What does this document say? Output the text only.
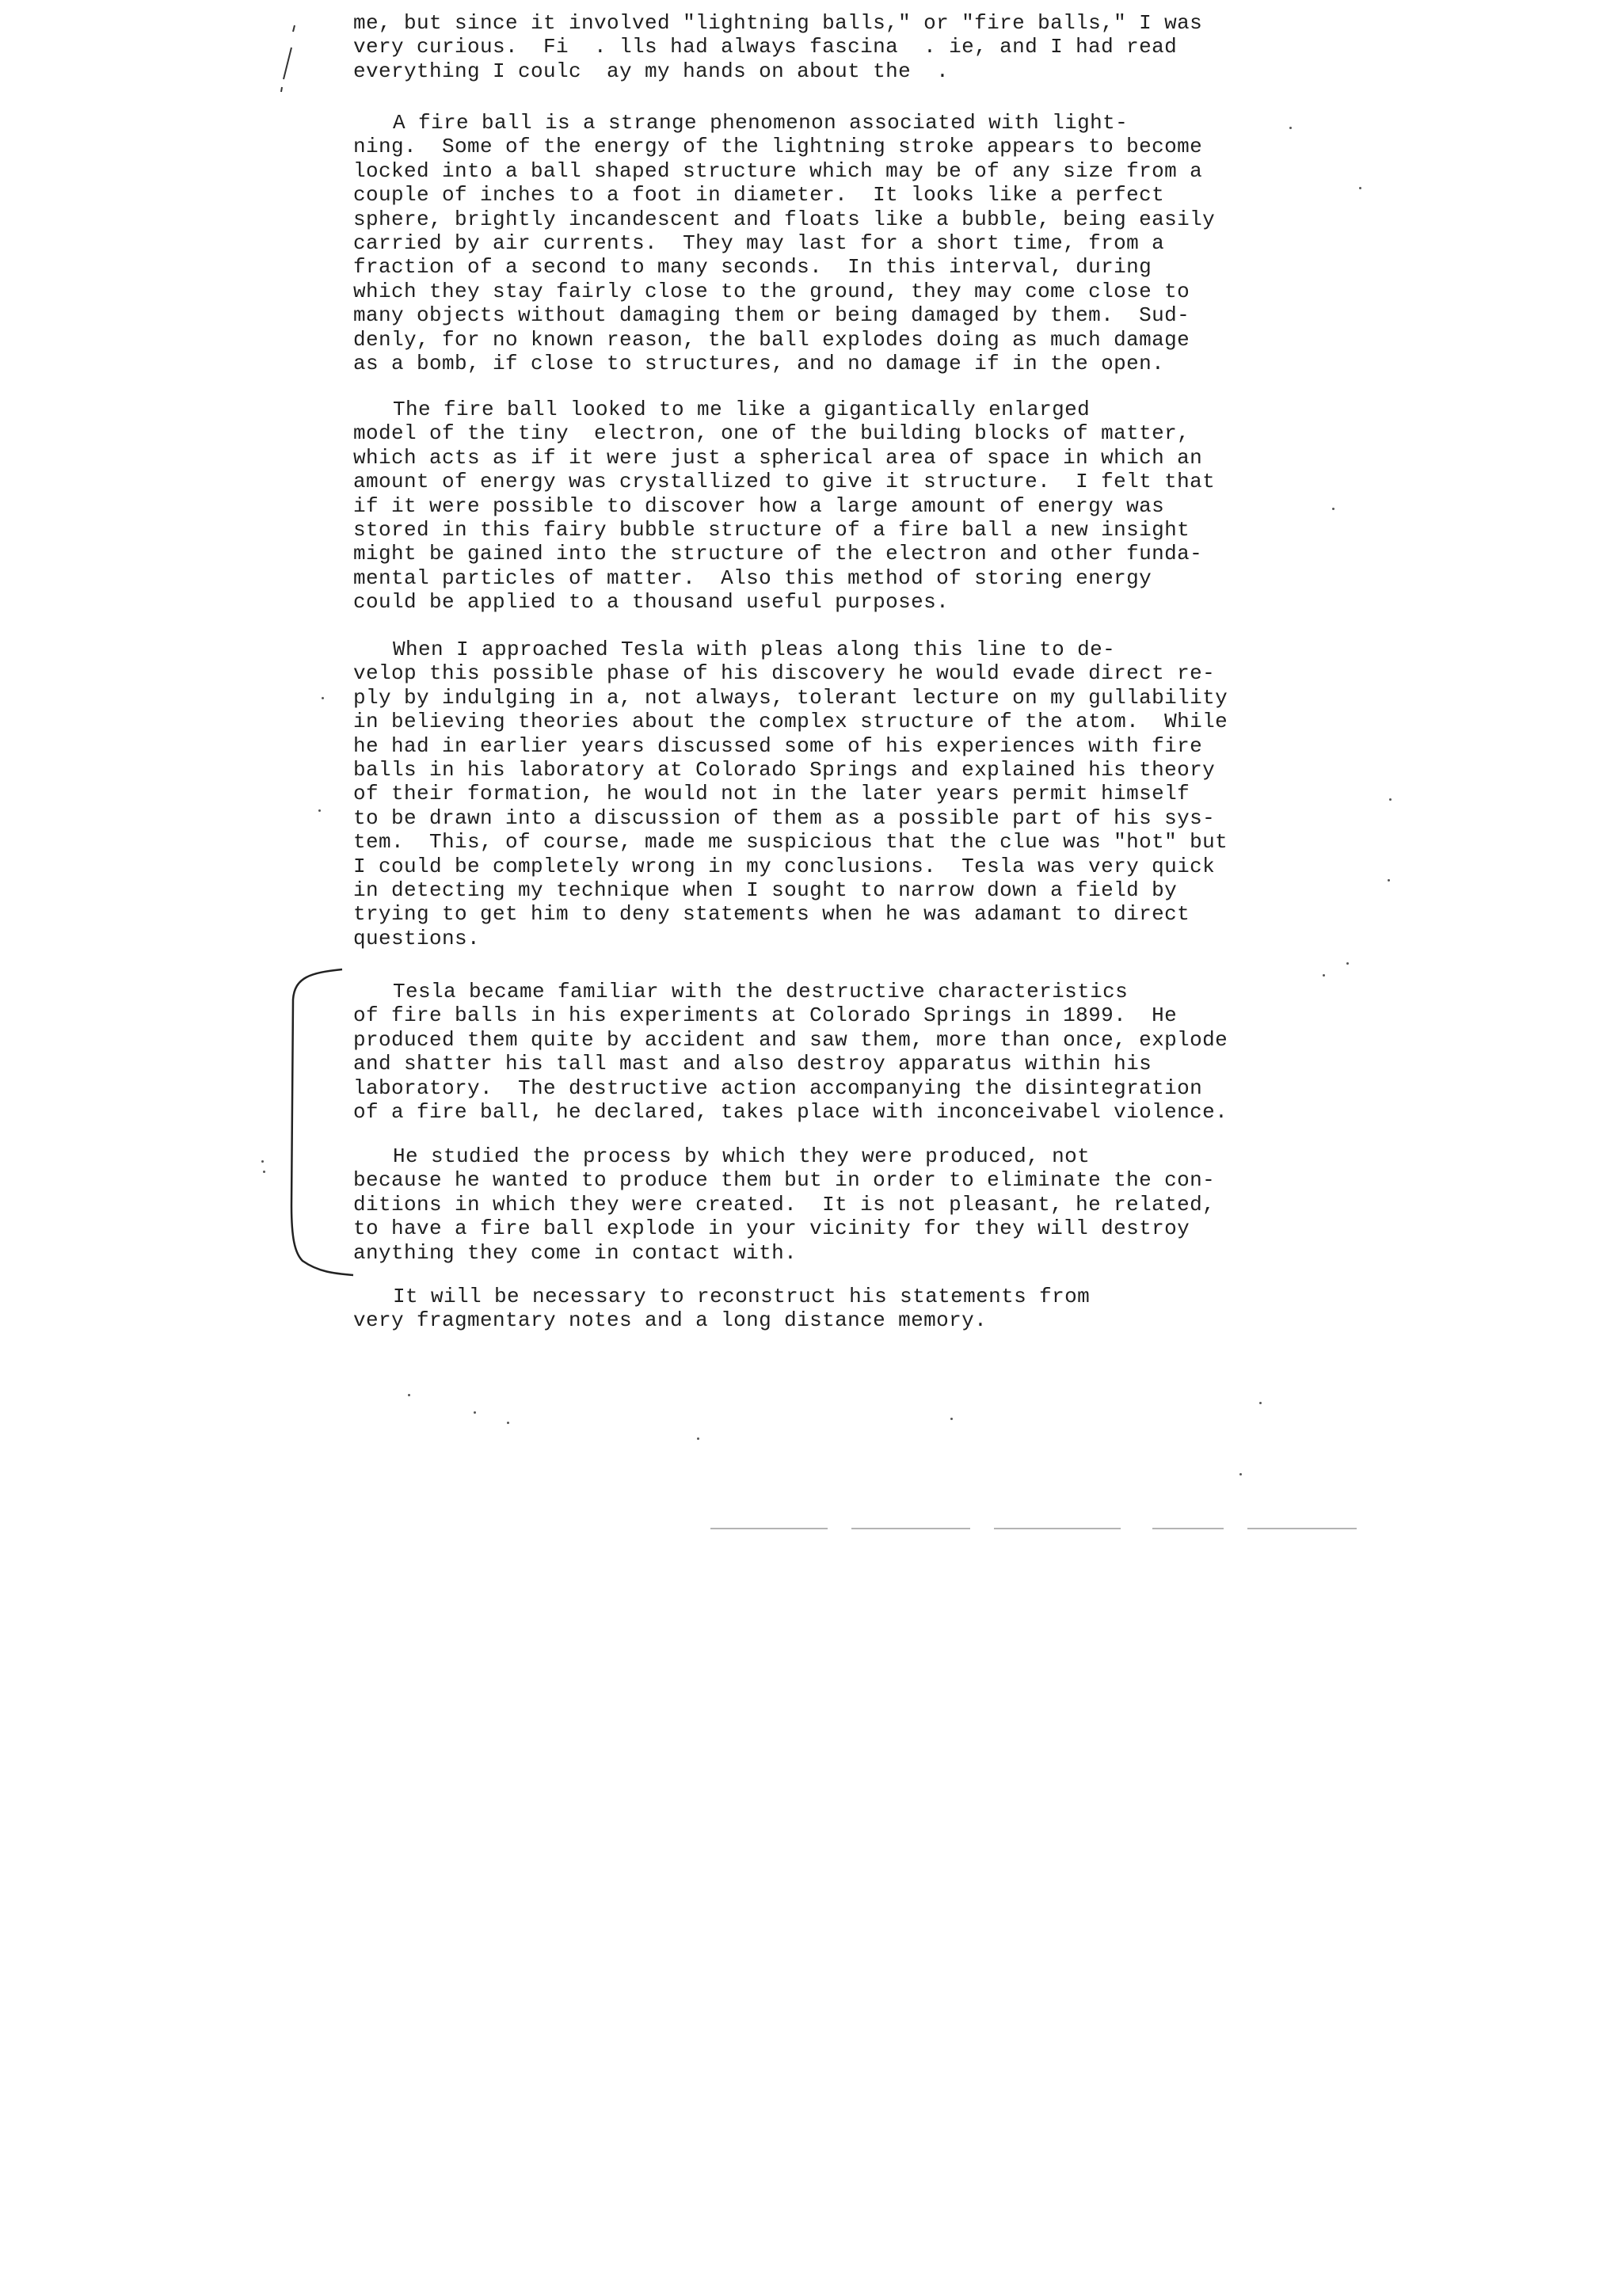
me, but since it involved "lightning balls," or "fire balls," I was
very curious.  Fi  . lls had always fascina  . ie, and I had read
everything I coulc  ay my hands on about the  .
A fire ball is a strange phenomenon associated with light-
ning.  Some of the energy of the lightning stroke appears to become
locked into a ball shaped structure which may be of any size from a
couple of inches to a foot in diameter.  It looks like a perfect
sphere, brightly incandescent and floats like a bubble, being easily
carried by air currents.  They may last for a short time, from a
fraction of a second to many seconds.  In this interval, during
which they stay fairly close to the ground, they may come close to
many objects without damaging them or being damaged by them.  Sud-
denly, for no known reason, the ball explodes doing as much damage
as a bomb, if close to structures, and no damage if in the open.
The fire ball looked to me like a gigantically enlarged
model of the tiny  electron, one of the building blocks of matter,
which acts as if it were just a spherical area of space in which an
amount of energy was crystallized to give it structure.  I felt that
if it were possible to discover how a large amount of energy was
stored in this fairy bubble structure of a fire ball a new insight
might be gained into the structure of the electron and other funda-
mental particles of matter.  Also this method of storing energy
could be applied to a thousand useful purposes.
When I approached Tesla with pleas along this line to de-
velop this possible phase of his discovery he would evade direct re-
ply by indulging in a, not always, tolerant lecture on my gullability
in believing theories about the complex structure of the atom.  While
he had in earlier years discussed some of his experiences with fire
balls in his laboratory at Colorado Springs and explained his theory
of their formation, he would not in the later years permit himself
to be drawn into a discussion of them as a possible part of his sys-
tem.  This, of course, made me suspicious that the clue was "hot" but
I could be completely wrong in my conclusions.  Tesla was very quick
in detecting my technique when I sought to narrow down a field by
trying to get him to deny statements when he was adamant to direct
questions.
Tesla became familiar with the destructive characteristics
of fire balls in his experiments at Colorado Springs in 1899.  He
produced them quite by accident and saw them, more than once, explode
and shatter his tall mast and also destroy apparatus within his
laboratory.  The destructive action accompanying the disintegration
of a fire ball, he declared, takes place with inconceivabel violence.
He studied the process by which they were produced, not
because he wanted to produce them but in order to eliminate the con-
ditions in which they were created.  It is not pleasant, he related,
to have a fire ball explode in your vicinity for they will destroy
anything they come in contact with.
It will be necessary to reconstruct his statements from
very fragmentary notes and a long distance memory.
